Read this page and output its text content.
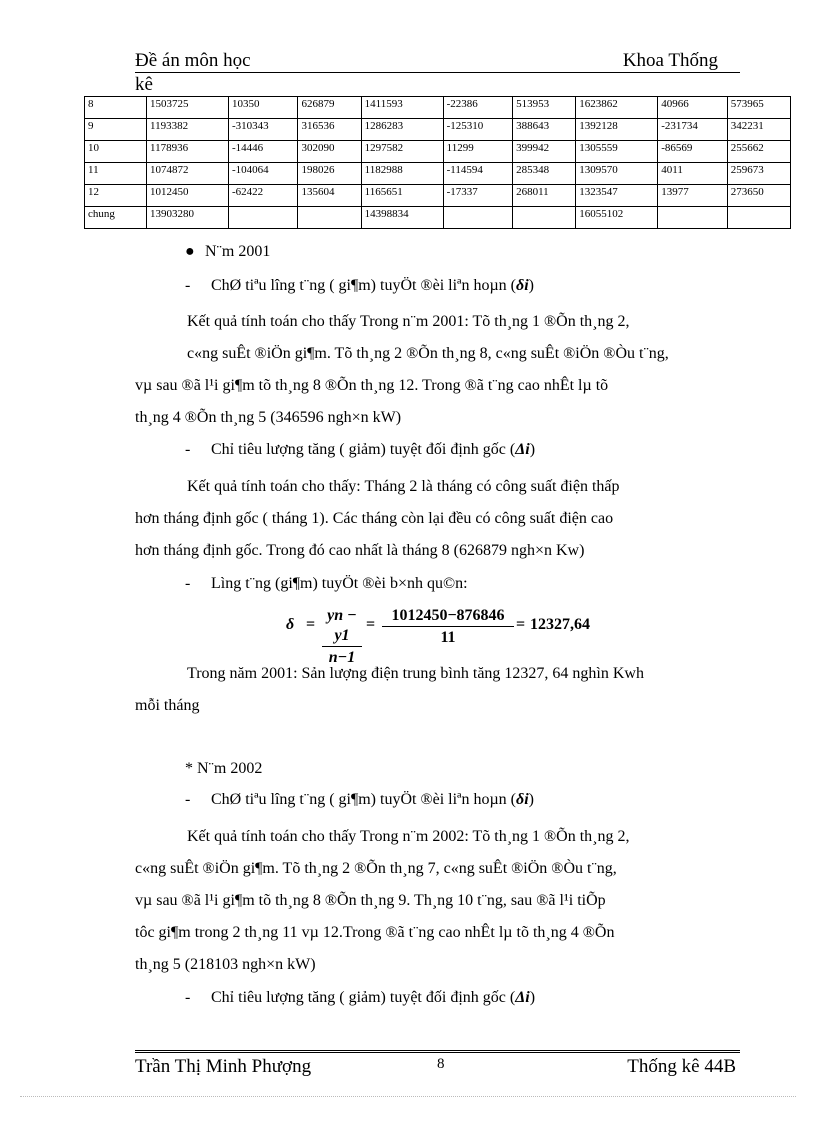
Đề án môn học	Khoa Thống
kê
8	1503725	10350	626879	1411593	-22386	513953	1623862	40966	573965
9	1193382	-310343	316536	1286283	-125310	388643	1392128	-231734	342231
10	1178936	-14446	302090	1297582	11299	399942	1305559	-86569	255662
11	1074872	-104064	198026	1182988	-114594	285348	1309570	4011	259673
12	1012450	-62422	135604	1165651	-17337	268011	1323547	13977	273650
chung	13903280			14398834			16055102		
● N¨m 2001
- ChØ tiªu lîng t¨ng ( gi¶m) tuyÖt ®èi liªn hoµn (δi)
Kết quả tính toán cho thấy Trong n¨m 2001: Tõ th¸ng 1 ®Õn th¸ng 2,
c«ng suÊt ®iÖn gi¶m. Tõ th¸ng 2 ®Õn th¸ng 8, c«ng suÊt ®iÖn ®Òu t¨ng,
vµ sau ®ã l¹i gi¶m tõ th¸ng 8 ®Õn th¸ng 12. Trong ®ã t¨ng cao nhÊt lµ tõ
th¸ng 4 ®Õn th¸ng 5 (346596 ngh×n kW)
- Chỉ tiêu lượng tăng ( giảm) tuyệt đối định gốc (Δi)
Kết quả tính toán cho thấy: Tháng 2 là tháng có công suất điện thấp
hơn tháng định gốc ( tháng 1). Các tháng còn lại đều có công suất điện cao
hơn tháng định gốc. Trong đó cao nhất là tháng 8 (626879 ngh×n Kw)
- Lìng t¨ng (gi¶m) tuyÖt ®èi b×nh qu©n:
$\delta = \frac{yn - y1}{n-1} = \frac{1012450-876846}{11} = 12327,64$
Trong năm 2001: Sản lượng điện trung bình tăng 12327, 64 nghìn Kwh
mỗi tháng
* N¨m 2002
- ChØ tiªu lîng t¨ng ( gi¶m) tuyÖt ®èi liªn hoµn (δi)
Kết quả tính toán cho thấy Trong n¨m 2002: Tõ th¸ng 1 ®Õn th¸ng 2,
c«ng suÊt ®iÖn gi¶m. Tõ th¸ng 2 ®Õn th¸ng 7, c«ng suÊt ®iÖn ®Òu t¨ng,
vµ sau ®ã l¹i gi¶m tõ th¸ng 8 ®Õn th¸ng 9. Th¸ng 10 t¨ng, sau ®ã l¹i tiÕp
tôc gi¶m trong 2 th¸ng 11 vµ 12.Trong ®ã t¨ng cao nhÊt lµ tõ th¸ng 4 ®Õn
th¸ng 5 (218103 ngh×n kW)
- Chỉ tiêu lượng tăng ( giảm) tuyệt đối định gốc (Δi)
Trần Thị Minh Phượng	8	Thống kê 44B
